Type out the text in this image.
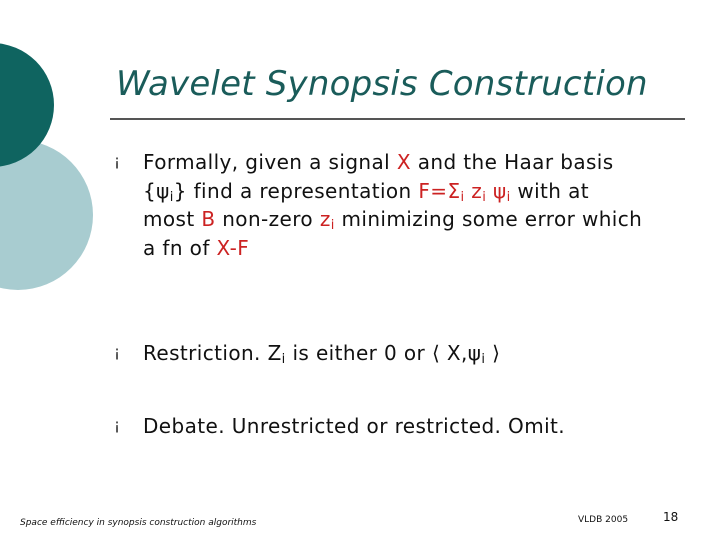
Wavelet Synopsis Construction
¡ Formally, given a signal X and the Haar basis
$\{\psi_i\}$ find a representation $F=\Sigma_i$ $z_i$ $\psi_i$ with at
most B non-zero $z_i$ minimizing some error which
a fn of X-F
¡ Restriction. $Z_i$ is either 0 or ⟨ $X,\psi_i$ ⟩
¡ Debate. Unrestricted or restricted. Omit.
Space efficiency in synopsis construction algorithms	VLDB 2005	18
